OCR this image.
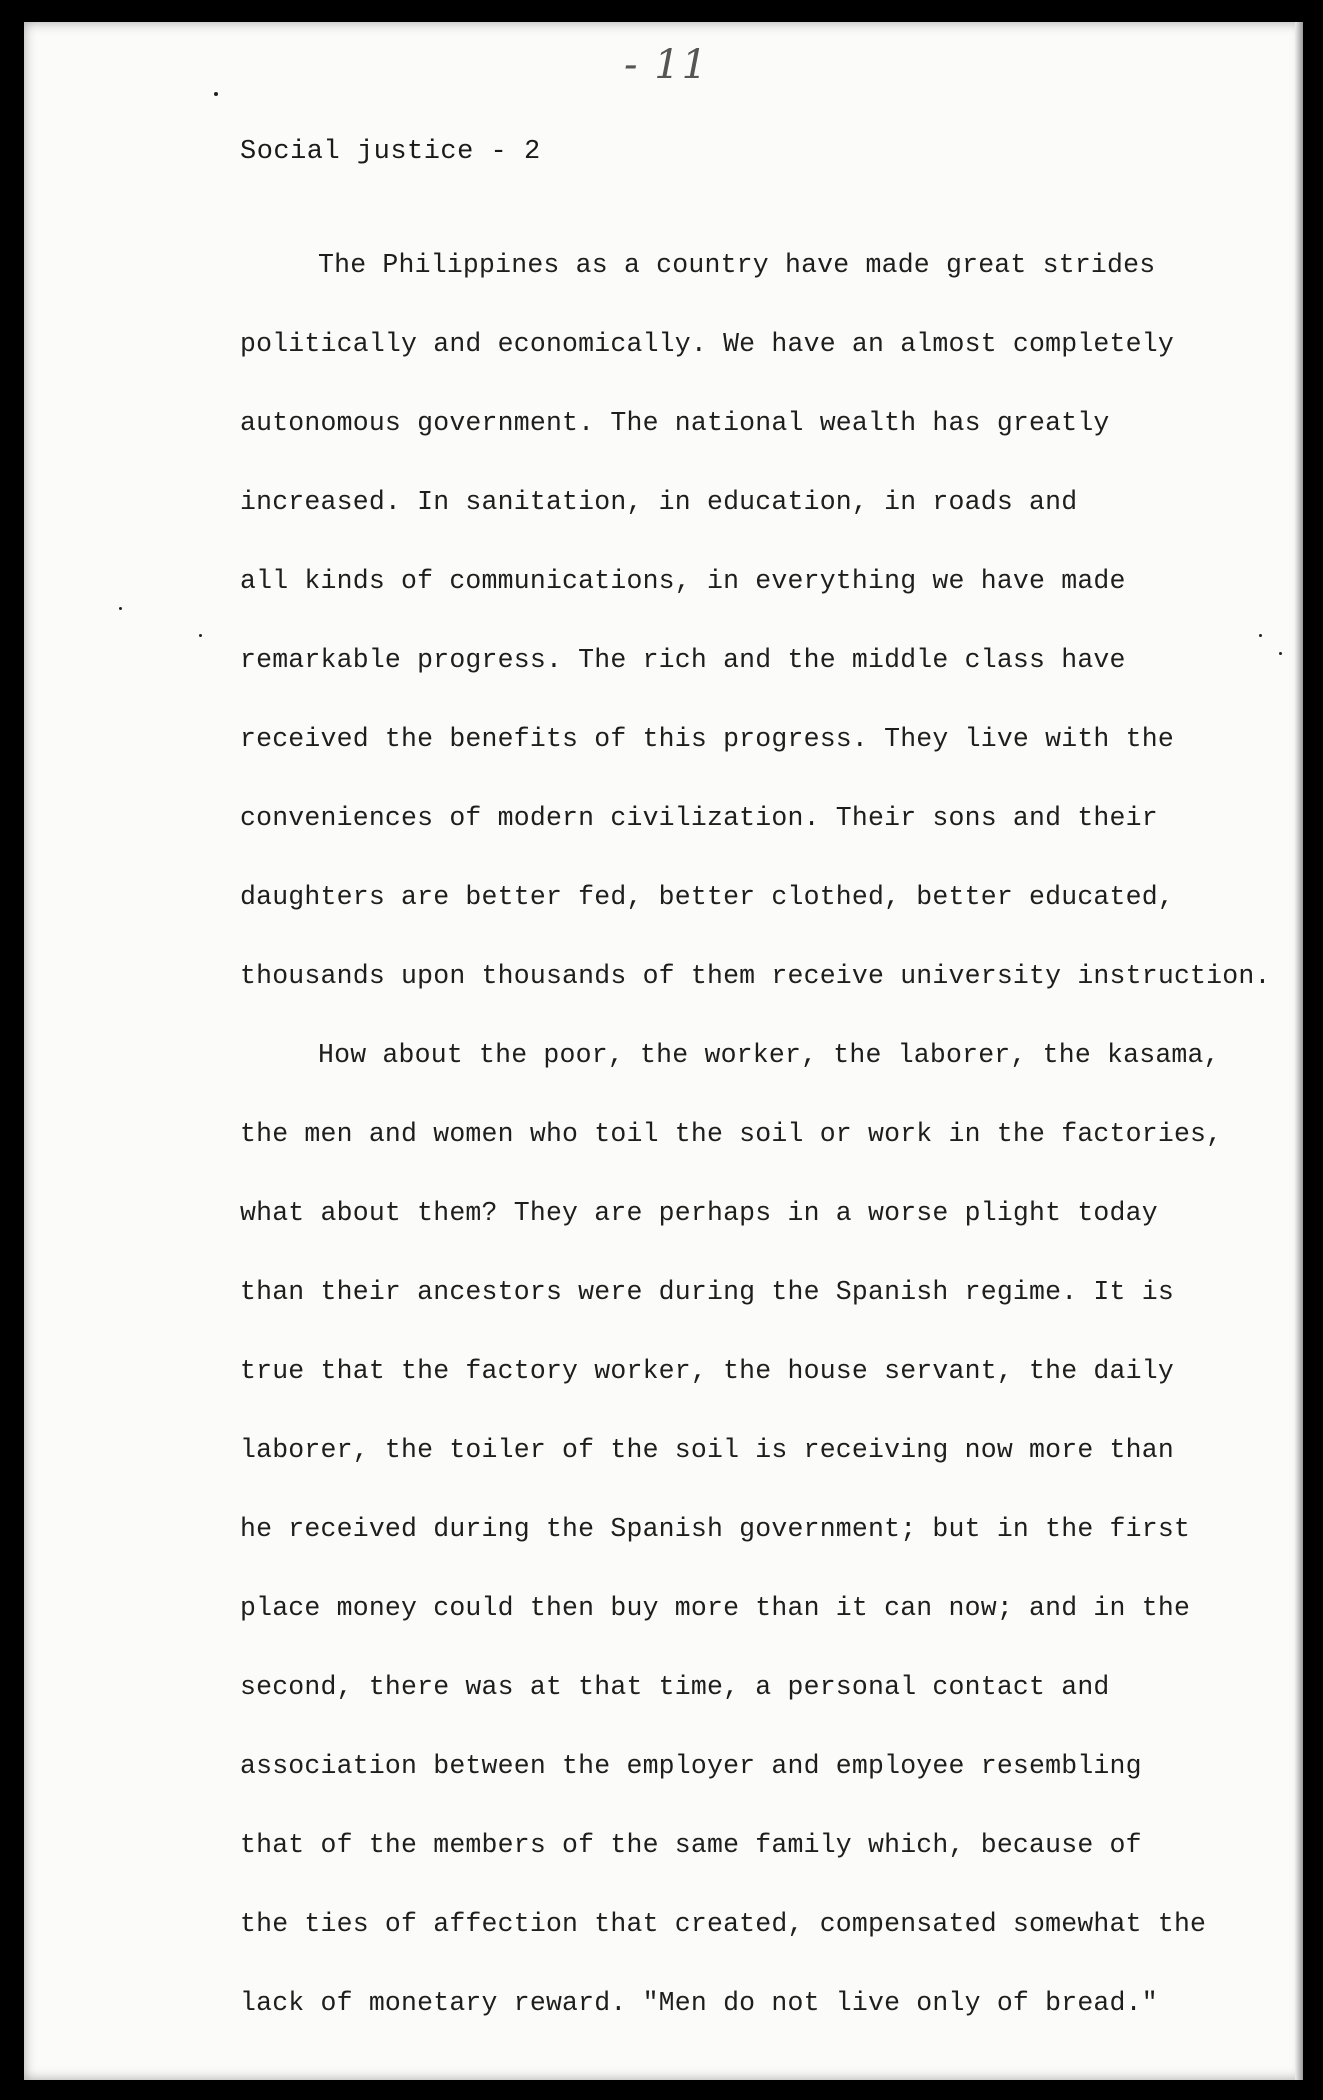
- 11
Social justice - 2
The Philippines as a country have made great strides
politically and economically. We have an almost completely
autonomous government. The national wealth has greatly
increased. In sanitation, in education, in roads and
all kinds of communications, in everything we have made
remarkable progress. The rich and the middle class have
received the benefits of this progress. They live with the
conveniences of modern civilization. Their sons and their
daughters are better fed, better clothed, better educated,
thousands upon thousands of them receive university instruction.
How about the poor, the worker, the laborer, the kasama,
the men and women who toil the soil or work in the factories,
what about them? They are perhaps in a worse plight today
than their ancestors were during the Spanish regime. It is
true that the factory worker, the house servant, the daily
laborer, the toiler of the soil is receiving now more than
he received during the Spanish government; but in the first
place money could then buy more than it can now; and in the
second, there was at that time, a personal contact and
association between the employer and employee resembling
that of the members of the same family which, because of
the ties of affection that created, compensated somewhat the
lack of monetary reward. "Men do not live only of bread."
